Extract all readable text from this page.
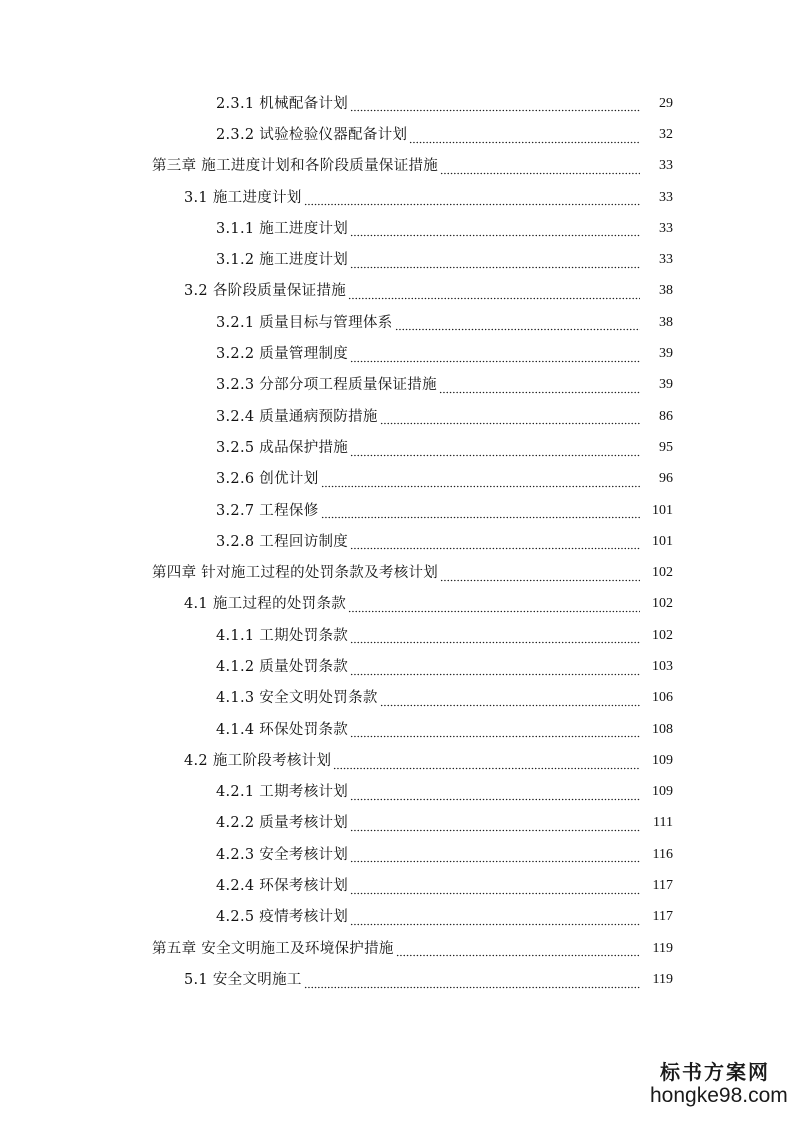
2.3.1 机械配备计划	29
2.3.2 试验检验仪器配备计划	32
第三章 施工进度计划和各阶段质量保证措施	33
3.1 施工进度计划	33
3.1.1 施工进度计划	33
3.1.2 施工进度计划	33
3.2 各阶段质量保证措施	38
3.2.1 质量目标与管理体系	38
3.2.2 质量管理制度	39
3.2.3 分部分项工程质量保证措施	39
3.2.4 质量通病预防措施	86
3.2.5 成品保护措施	95
3.2.6 创优计划	96
3.2.7 工程保修	101
3.2.8 工程回访制度	101
第四章 针对施工过程的处罚条款及考核计划	102
4.1 施工过程的处罚条款	102
4.1.1 工期处罚条款	102
4.1.2 质量处罚条款	103
4.1.3 安全文明处罚条款	106
4.1.4 环保处罚条款	108
4.2 施工阶段考核计划	109
4.2.1 工期考核计划	109
4.2.2 质量考核计划	111
4.2.3 安全考核计划	116
4.2.4 环保考核计划	117
4.2.5 疫情考核计划	117
第五章 安全文明施工及环境保护措施	119
5.1 安全文明施工	119
标书方案网
hongke98.com
